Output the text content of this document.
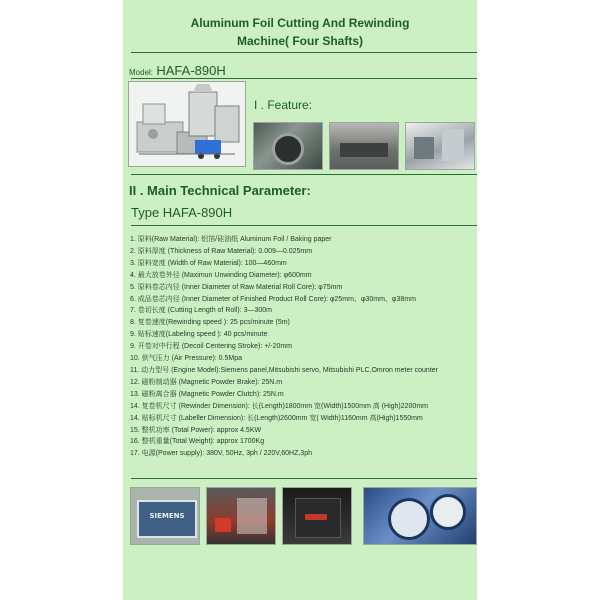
Aluminum Foil Cutting And Rewinding
Machine( Four Shafts)
Model: HAFA-890H
I . Feature:
II . Main Technical Parameter:
Type HAFA-890H
1. 原料(Raw Material): 铝箔/硅油纸 Aluminum Foil / Baking paper
2. 原料厚度 (Thickness of Raw Material): 0.009—0.025mm
3. 原料宽度 (Width of Raw Material): 100—460mm
4. 最大放卷外径 (Maximun Unwinding Diameter): φ600mm
5. 原料卷芯内径 (Inner Diameter of Raw Material Roll Core): φ75mm
6. 成品卷芯内径 (Inner Diameter of Finished Product Roll Core): φ25mm、φ30mm、φ38mm
7. 卷切长度 (Cutting Length of Roll): 3—300m
8. 复卷速度(Rewinding speed ): 25 pcs/minute (5m)
9. 贴标速度(Labeling speed ): 40 pcs/minute
9. 开卷对中行程 (Decoil Centering Stroke): +/-20mm
10. 供气压力 (Air Pressure): 0.5Mpa
11. 动力型号 (Engine Model):Siemens panel,Mitsubishi servo, Mitsubishi PLC,Omron meter counter
12. 磁粉制动器 (Magnetic Powder Brake): 25N.m
13. 磁粉离合器 (Magnetic Powder Clutch): 25N.m
14. 复卷机尺寸 (Rewinder Dimension): 长(Length)1800mm 宽(Width)1500mm 高 (High)2200mm
14. 贴标机尺寸 (Labeller Dimension): 长(Length)2600mm 宽( Width)1160mm 高(High)1550mm
15. 整机功率 (Total Power): approx 4.5KW
16. 整机重量(Total Weight): approx 1700Kg
17. 电源(Power supply): 380V, 50Hz, 3ph / 220V,60HZ,3ph
SIEMENS
